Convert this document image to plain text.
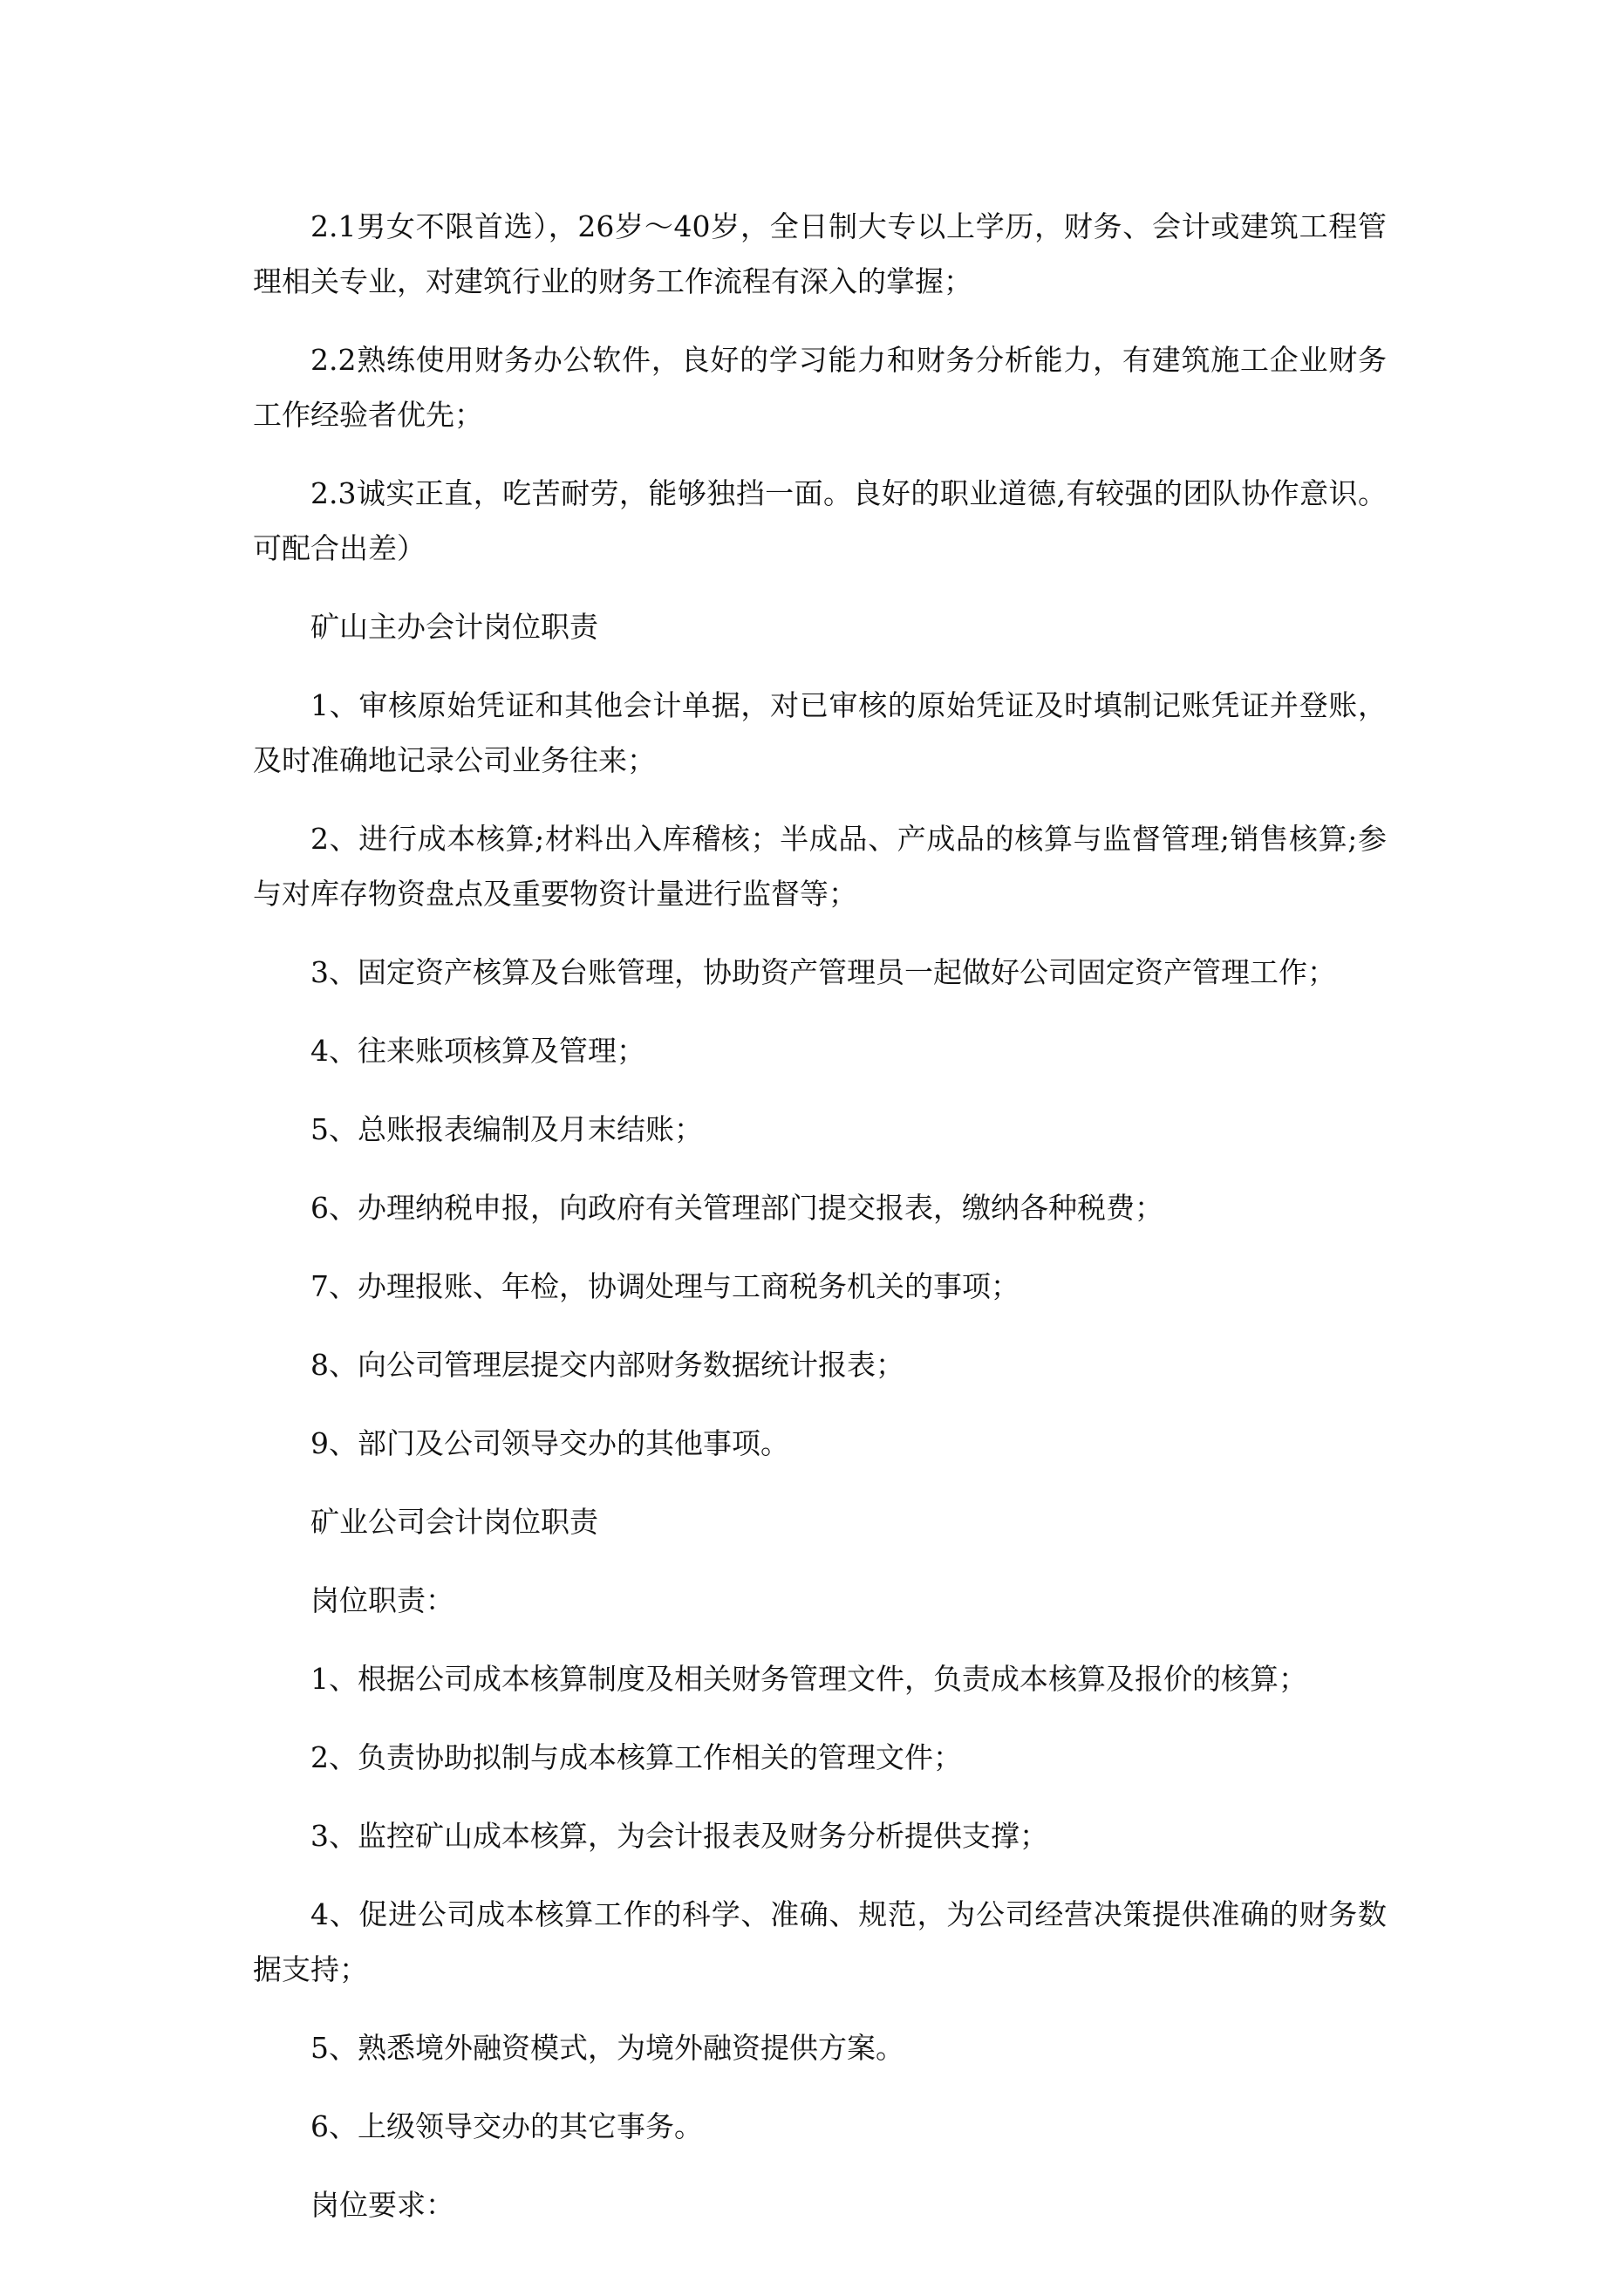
2.1男女不限首选），26岁〜40岁，全日制大专以上学历，财务、会计或建筑工程管理相关专业，对建筑行业的财务工作流程有深入的掌握；

2.2熟练使用财务办公软件，良好的学习能力和财务分析能力，有建筑施工企业财务工作经验者优先；

2.3诚实正直，吃苦耐劳，能够独挡一面。良好的职业道德,有较强的团队协作意识。可配合出差）

矿山主办会计岗位职责

1、审核原始凭证和其他会计单据，对已审核的原始凭证及时填制记账凭证并登账，及时准确地记录公司业务往来；

2、进行成本核算;材料出入库稽核；半成品、产成品的核算与监督管理;销售核算;参与对库存物资盘点及重要物资计量进行监督等；

3、固定资产核算及台账管理，协助资产管理员一起做好公司固定资产管理工作；

4、往来账项核算及管理；

5、总账报表编制及月末结账；

6、办理纳税申报，向政府有关管理部门提交报表，缴纳各种税费；

7、办理报账、年检，协调处理与工商税务机关的事项；

8、向公司管理层提交内部财务数据统计报表；

9、部门及公司领导交办的其他事项。

矿业公司会计岗位职责

岗位职责：

1、根据公司成本核算制度及相关财务管理文件，负责成本核算及报价的核算；

2、负责协助拟制与成本核算工作相关的管理文件；

3、监控矿山成本核算，为会计报表及财务分析提供支撑；

4、促进公司成本核算工作的科学、准确、规范，为公司经营决策提供准确的财务数据支持；

5、熟悉境外融资模式，为境外融资提供方案。

6、上级领导交办的其它事务。

岗位要求：
